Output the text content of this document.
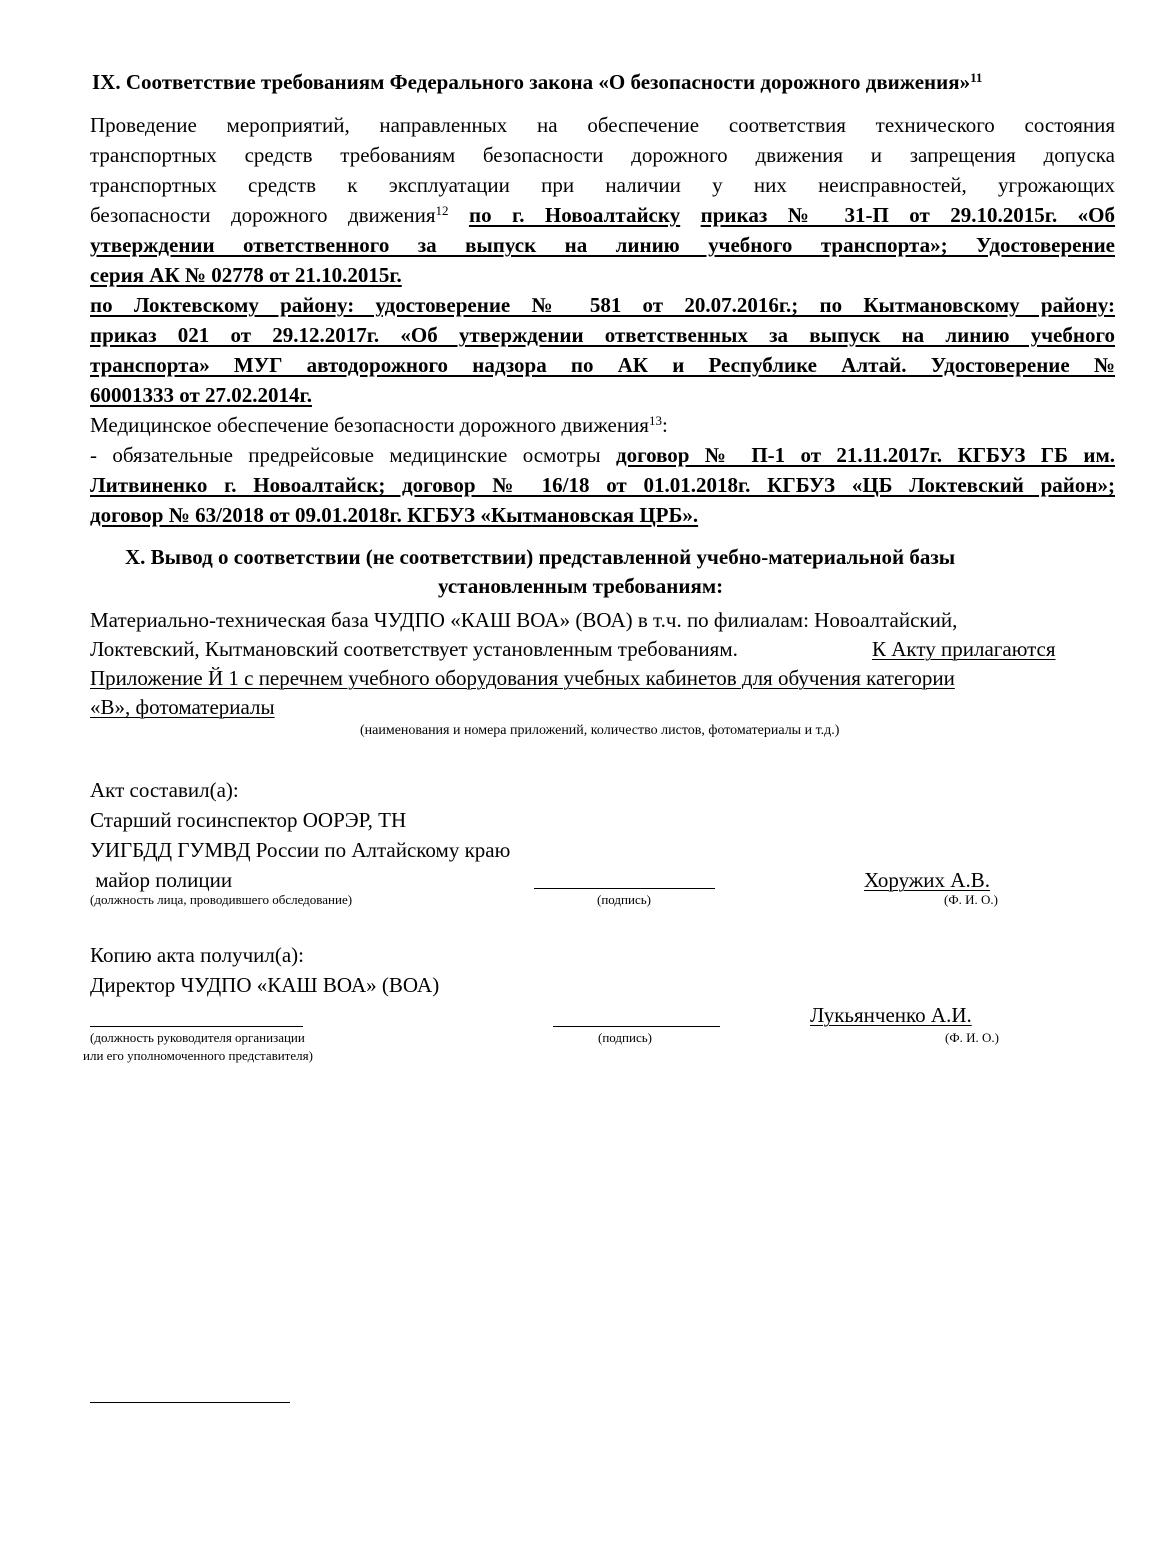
IX. Соответствие требованиям Федерального закона «О безопасности дорожного движения»$^{11}$
Проведение мероприятий, направленных на обеспечение соответствия технического состояния
транспортных средств требованиям безопасности дорожного движения и запрещения допуска
транспортных средств к эксплуатации при наличии у них неисправностей, угрожающих
безопасности дорожного движения$^{12}$ по г. Новоалтайску приказ № 31-П от 29.10.2015г. «Об
утверждении ответственного за выпуск на линию учебного транспорта»; Удостоверение
серия АК № 02778 от 21.10.2015г.
по Локтевскому району: удостоверение № 581 от 20.07.2016г.; по Кытмановскому району:
приказ 021 от 29.12.2017г. «Об утверждении ответственных за выпуск на линию учебного
транспорта» МУГ автодорожного надзора по АК и Республике Алтай. Удостоверение №
60001333 от 27.02.2014г.
Медицинское обеспечение безопасности дорожного движения$^{13}$:
- обязательные предрейсовые медицинские осмотры договор № П-1 от 21.11.2017г. КГБУЗ ГБ им.
Литвиненко г. Новоалтайск; договор № 16/18 от 01.01.2018г. КГБУЗ «ЦБ Локтевский район»;
договор № 63/2018 от 09.01.2018г. КГБУЗ «Кытмановская ЦРБ».
X. Вывод о соответствии (не соответствии) представленной учебно-материальной базы
установленным требованиям:
Материально-техническая база ЧУДПО «КАШ ВОА» (ВОА) в т.ч. по филиалам: Новоалтайский,
Локтевский, Кытмановский соответствует установленным требованиям.	К Акту прилагаются
Приложение Й 1 с перечнем учебного оборудования учебных кабинетов для обучения категории
«В», фотоматериалы
(наименования и номера приложений, количество листов, фотоматериалы и т.д.)
Акт составил(а):
Старший госинспектор ООРЭР, ТН
УИГБДД ГУМВД России по Алтайскому краю
майор полиции	Хоружих А.В.
(должность лица, проводившего обследование)	(подпись)	(Ф. И. О.)
Копию акта получил(а):
Директор ЧУДПО «КАШ ВОА» (ВОА)
Лукьянченко А.И.
(должность руководителя организации
или его уполномоченного представителя)
(подпись)	(Ф. И. О.)
